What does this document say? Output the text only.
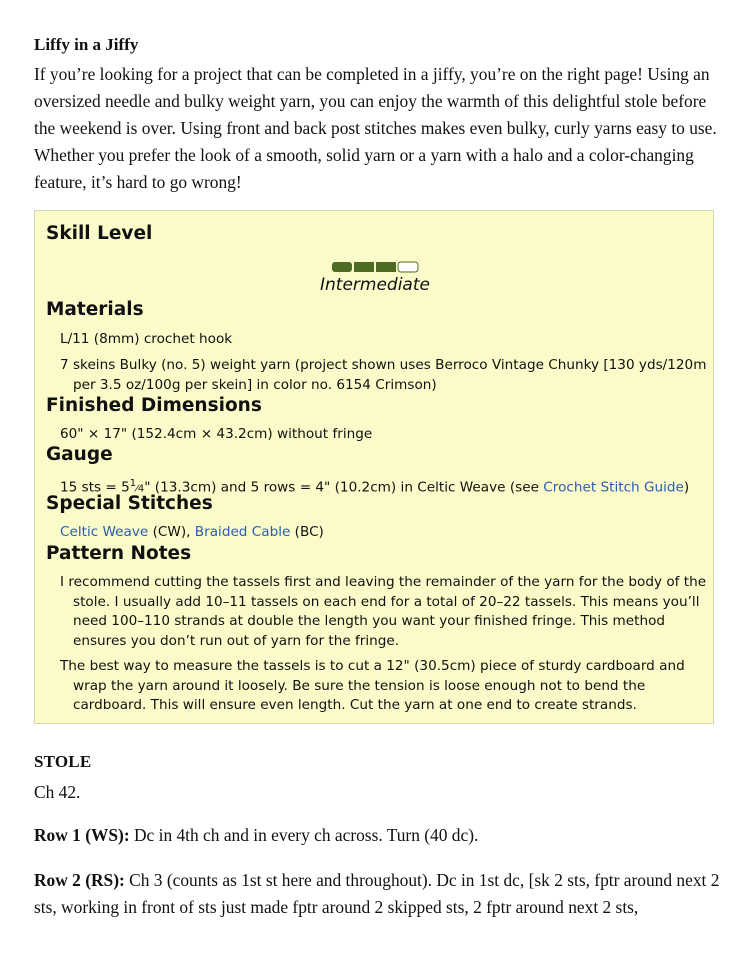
Liffy in a Jiffy

If you’re looking for a project that can be completed in a jiffy, you’re on the right page! Using an oversized needle and bulky weight yarn, you can enjoy the warmth of this delightful stole before the weekend is over. Using front and back post stitches makes even bulky, curly yarns easy to use. Whether you prefer the look of a smooth, solid yarn or a yarn with a halo and a color-changing feature, it’s hard to go wrong!

Skill Level
Intermediate
Materials

L/11 (8mm) crochet hook

7 skeins Bulky (no. 5) weight yarn (project shown uses Berroco Vintage Chunky [130 yds/120m per 3.5 oz/100g per skein] in color no. 6154 Crimson)

Finished Dimensions

60" × 17" (152.4cm × 43.2cm) without fringe

Gauge

15 sts = $5^1⁄4$" (13.3cm) and 5 rows = 4" (10.2cm) in Celtic Weave (see Crochet Stitch Guide)

Special Stitches

Celtic Weave (CW), Braided Cable (BC)

Pattern Notes

I recommend cutting the tassels first and leaving the remainder of the yarn for the body of the stole. I usually add 10–11 tassels on each end for a total of 20–22 tassels. This means you’ll need 100–110 strands at double the length you want your finished fringe. This method ensures you don’t run out of yarn for the fringe.

The best way to measure the tassels is to cut a 12" (30.5cm) piece of sturdy cardboard and wrap the yarn around it loosely. Be sure the tension is loose enough not to bend the cardboard. This will ensure even length. Cut the yarn at one end to create strands.

STOLE

Ch 42.

Row 1 (WS): Dc in 4th ch and in every ch across. Turn (40 dc).

Row 2 (RS): Ch 3 (counts as 1st st here and throughout). Dc in 1st dc, [sk 2 sts, fptr around next 2 sts, working in front of sts just made fptr around 2 skipped sts, 2 fptr around next 2 sts,
